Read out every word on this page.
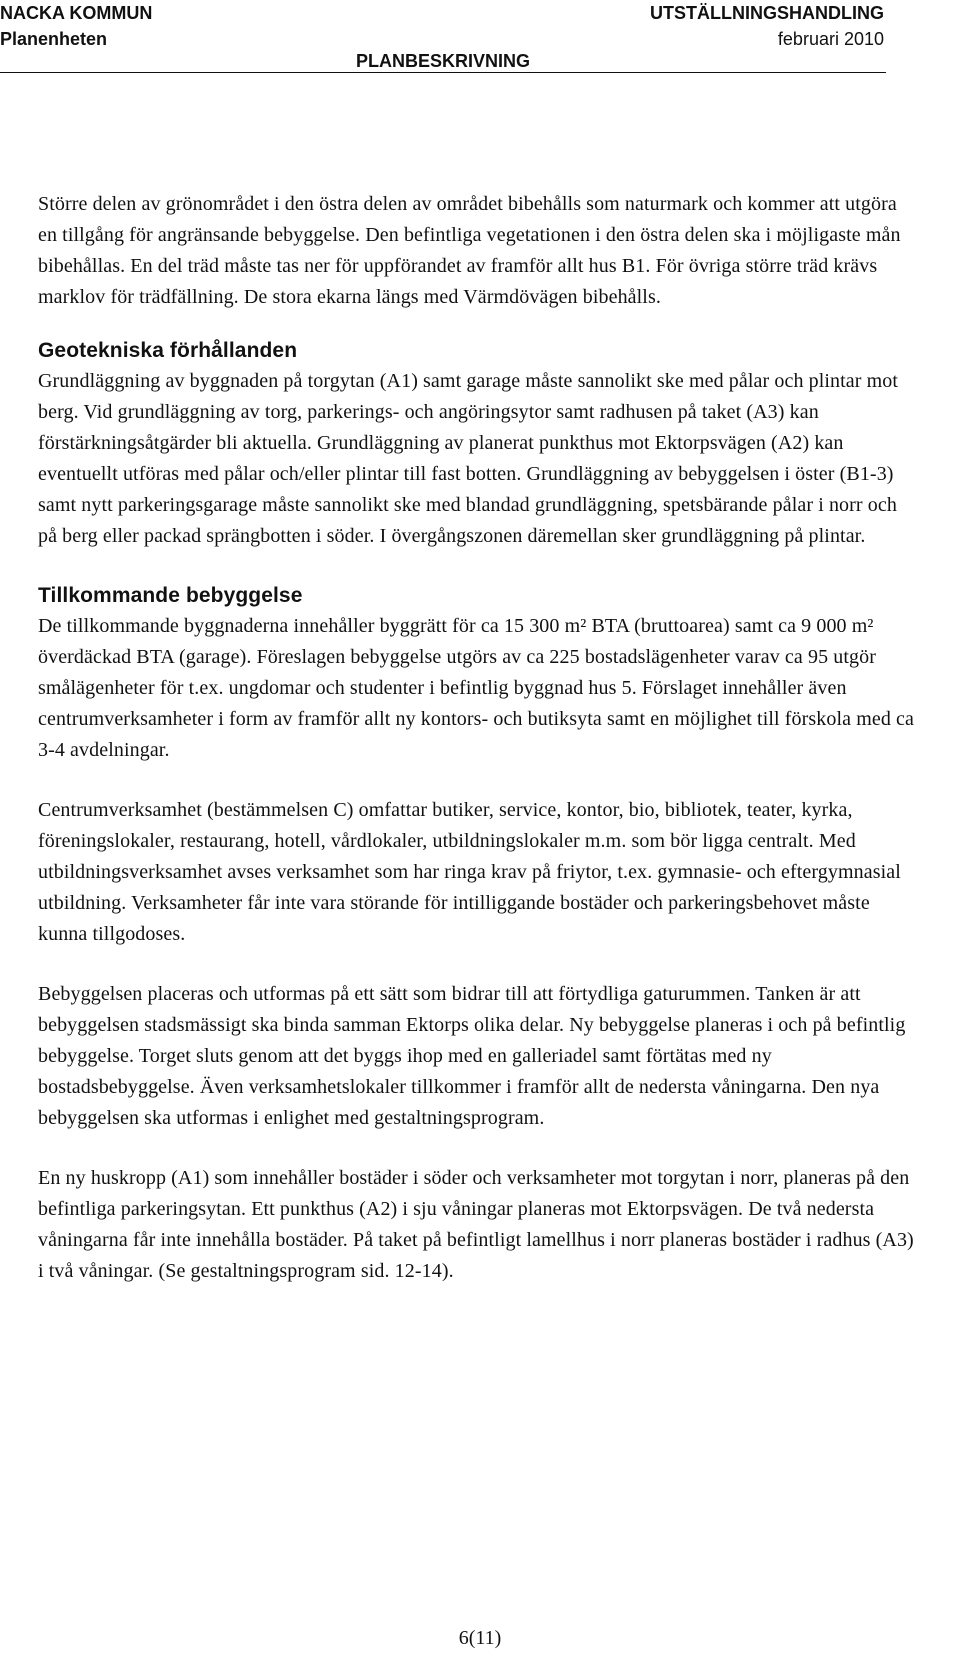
NACKA KOMMUN
Planenheten
UTSTÄLLNINGSHANDLING
februari 2010
PLANBESKRIVNING

Större delen av grönområdet i den östra delen av området bibehålls som naturmark och kommer att utgöra en tillgång för angränsande bebyggelse. Den befintliga vegetationen i den östra delen ska i möjligaste mån bibehållas. En del träd måste tas ner för uppförandet av framför allt hus B1. För övriga större träd krävs marklov för trädfällning. De stora ekarna längs med Värmdövägen bibehålls.

Geotekniska förhållanden

Grundläggning av byggnaden på torgytan (A1) samt garage måste sannolikt ske med pålar och plintar mot berg. Vid grundläggning av torg, parkerings- och angöringsytor samt radhusen på taket (A3) kan förstärkningsåtgärder bli aktuella. Grundläggning av planerat punkthus mot Ektorpsvägen (A2) kan eventuellt utföras med pålar och/eller plintar till fast botten. Grundläggning av bebyggelsen i öster (B1-3) samt nytt parkeringsgarage måste sannolikt ske med blandad grundläggning, spetsbärande pålar i norr och på berg eller packad sprängbotten i söder. I övergångszonen däremellan sker grundläggning på plintar.

Tillkommande bebyggelse

De tillkommande byggnaderna innehåller byggrätt för ca 15 300 m² BTA (bruttoarea) samt ca 9 000 m² överdäckad BTA (garage). Föreslagen bebyggelse utgörs av ca 225 bostadslägenheter varav ca 95 utgör smålägenheter för t.ex. ungdomar och studenter i befintlig byggnad hus 5. Förslaget innehåller även centrumverksamheter i form av framför allt ny kontors- och butiksyta samt en möjlighet till förskola med ca 3-4 avdelningar.

Centrumverksamhet (bestämmelsen C) omfattar butiker, service, kontor, bio, bibliotek, teater, kyrka, föreningslokaler, restaurang, hotell, vårdlokaler, utbildningslokaler m.m. som bör ligga centralt. Med utbildningsverksamhet avses verksamhet som har ringa krav på friytor, t.ex. gymnasie- och eftergymnasial utbildning. Verksamheter får inte vara störande för intilliggande bostäder och parkeringsbehovet måste kunna tillgodoses.

Bebyggelsen placeras och utformas på ett sätt som bidrar till att förtydliga gaturummen. Tanken är att bebyggelsen stadsmässigt ska binda samman Ektorps olika delar. Ny bebyggelse planeras i och på befintlig bebyggelse. Torget sluts genom att det byggs ihop med en galleriadel samt förtätas med ny bostadsbebyggelse. Även verksamhetslokaler tillkommer i framför allt de nedersta våningarna. Den nya bebyggelsen ska utformas i enlighet med gestaltningsprogram.

En ny huskropp (A1) som innehåller bostäder i söder och verksamheter mot torgytan i norr, planeras på den befintliga parkeringsytan. Ett punkthus (A2) i sju våningar planeras mot Ektorpsvägen. De två nedersta våningarna får inte innehålla bostäder. På taket på befintligt lamellhus i norr planeras bostäder i radhus (A3) i två våningar. (Se gestaltningsprogram sid. 12-14).

6(11)
